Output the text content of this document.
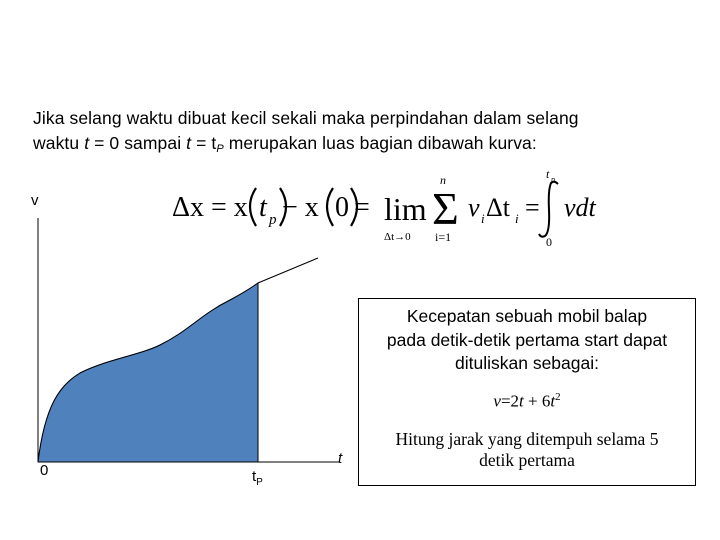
Jika selang waktu dibuat kecil sekali maka perpindahan dalam selang
waktu t = 0 sampai $t = t_P$ merupakan luas bagian dibawah kurva:
Δx = x t p − x 0 = lim
Δt→0
n
Σ
i=1
v i Δt i =
t p
0
vdt
v
0	$t_P$
t
Kecepatan sebuah mobil balap
pada detik-detik pertama start dapat
dituliskan sebagai:
$v=2t + 6t^2$
Hitung jarak yang ditempuh selama 5
detik pertama
